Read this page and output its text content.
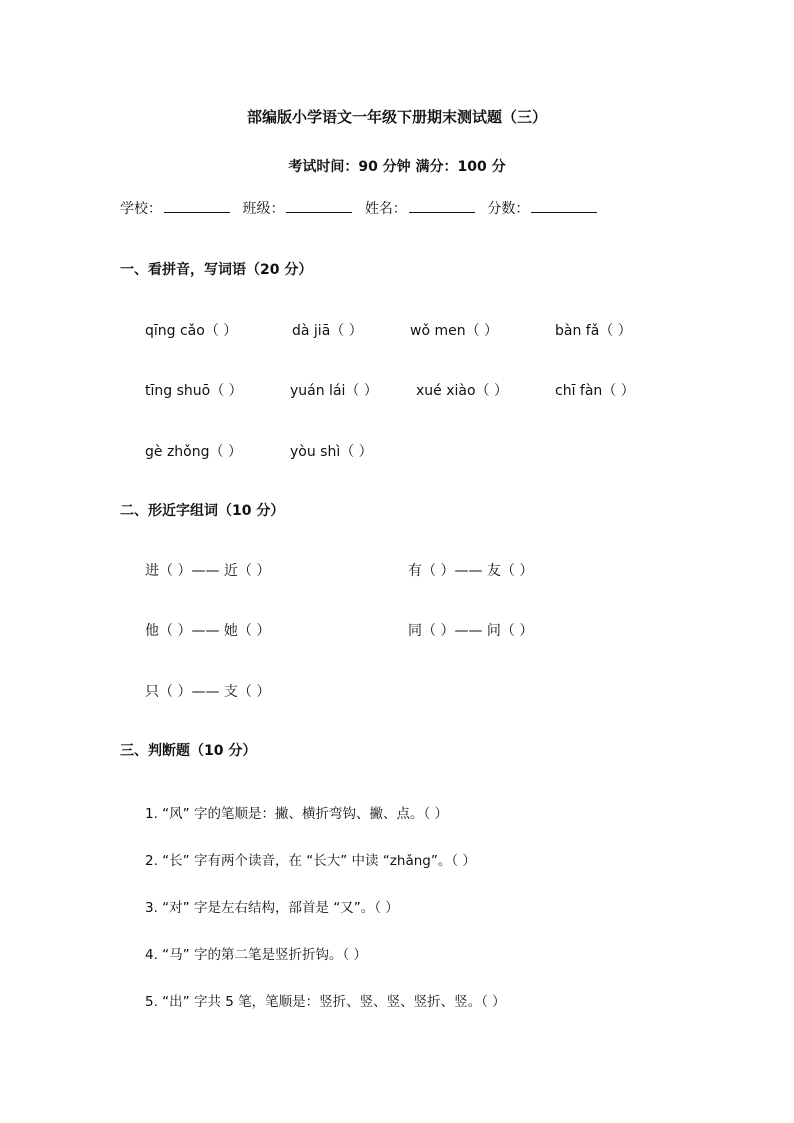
部编版小学语文一年级下册期末测试题（三）
考试时间：90 分钟 满分：100 分
学校：	班级：	姓名：	分数：
一、看拼音，写词语（20 分）
qīng cǎo（ ）	dà jiā（ ）	wǒ men（ ）	bàn fǎ（ ）
tīng shuō（ ）	yuán lái（ ）	xué xiào（ ）	chī fàn（ ）
gè zhǒng（ ）	yòu shì（ ）
二、形近字组词（10 分）
进（ ）—— 近（ ）	有（ ）—— 友（ ）
他（ ）—— 她（ ）	同（ ）—— 问（ ）
只（ ）—— 支（ ）
三、判断题（10 分）
1. “风” 字的笔顺是：撇、横折弯钩、撇、点。（ ）
2. “长” 字有两个读音，在 “长大” 中读 “zhǎng”。（ ）
3. “对” 字是左右结构，部首是 “又”。（ ）
4. “马” 字的第二笔是竖折折钩。（ ）
5. “出” 字共 5 笔，笔顺是：竖折、竖、竖、竖折、竖。（ ）
